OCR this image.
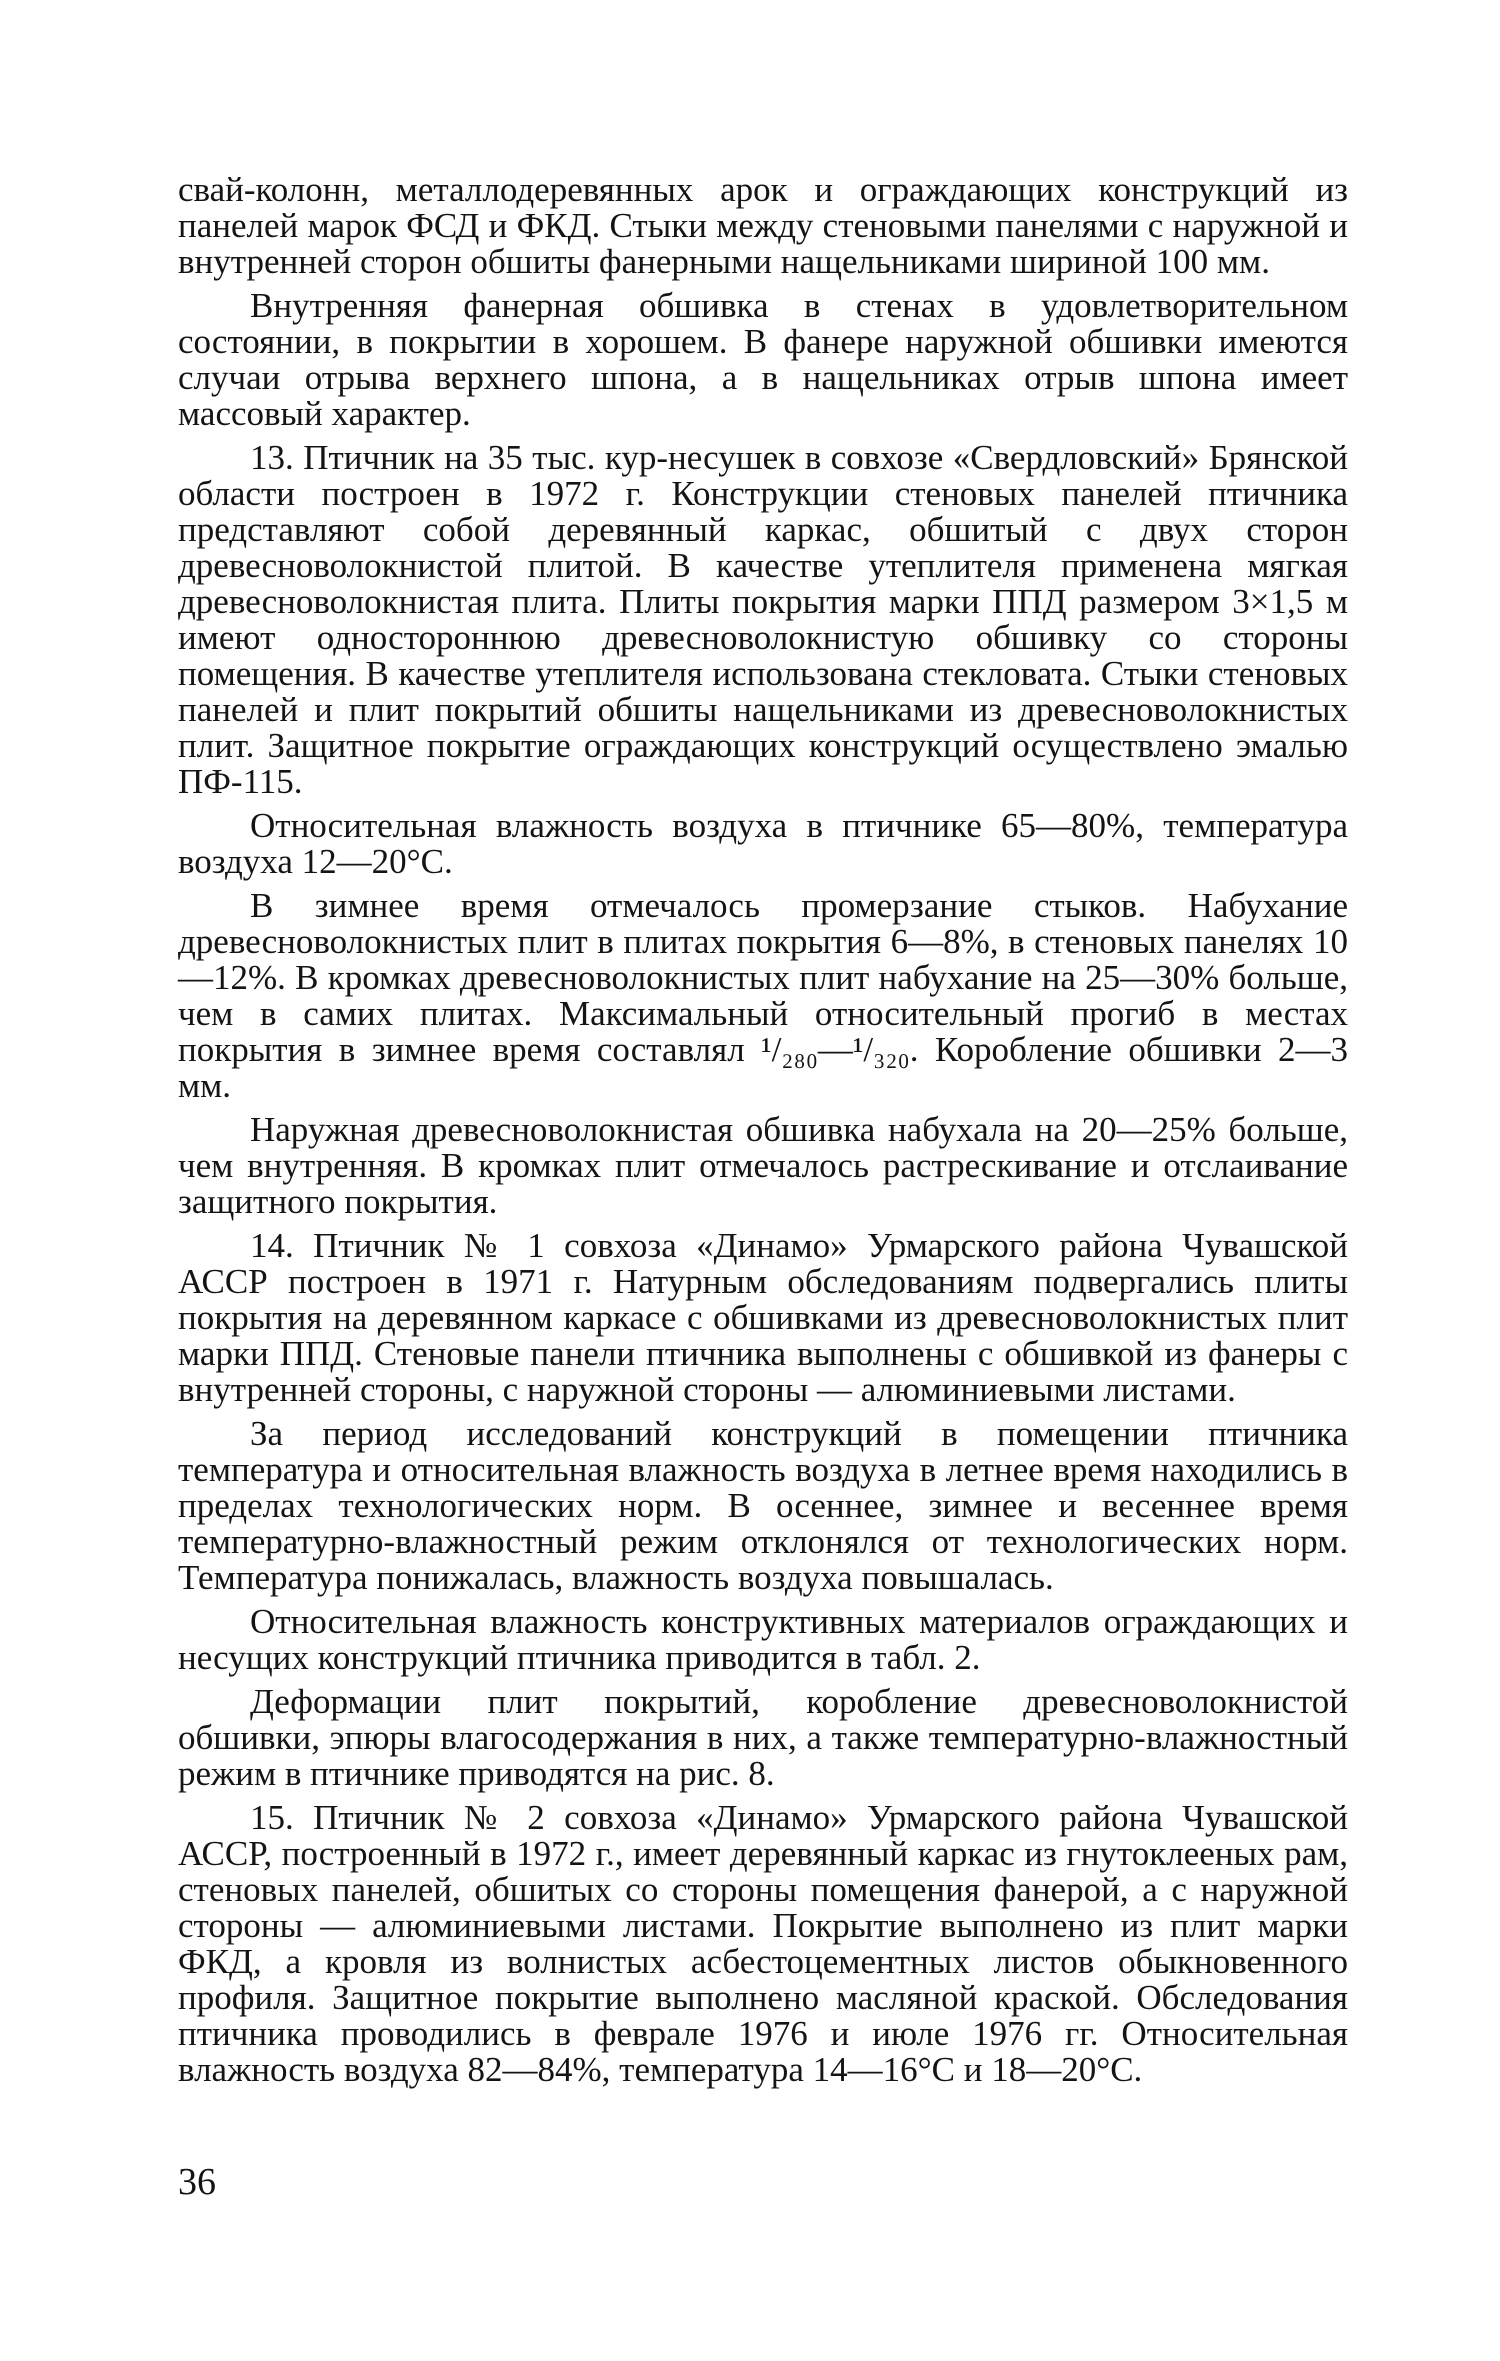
свай-колонн, металлодеревянных арок и ограждающих конструкций из панелей марок ФСД и ФКД. Стыки между стеновыми панелями с наружной и внутренней сторон обшиты фанерными нащельниками шириной 100 мм.

Внутренняя фанерная обшивка в стенах в удовлетворительном состоянии, в покрытии в хорошем. В фанере наружной обшивки имеются случаи отрыва верхнего шпона, а в нащельниках отрыв шпона имеет массовый характер.

13. Птичник на 35 тыс. кур-несушек в совхозе «Свердловский» Брянской области построен в 1972 г. Конструкции стеновых панелей птичника представляют собой деревянный каркас, обшитый с двух сторон древесноволокнистой плитой. В качестве утеплителя применена мягкая древесноволокнистая плита. Плиты покрытия марки ППД размером 3×1,5 м имеют одностороннюю древесноволокнистую обшивку со стороны помещения. В качестве утеплителя использована стекловата. Стыки стеновых панелей и плит покрытий обшиты нащельниками из древесноволокнистых плит. Защитное покрытие ограждающих конструкций осуществлено эмалью ПФ-115.

Относительная влажность воздуха в птичнике 65—80%, температура воздуха 12—20°С.

В зимнее время отмечалось промерзание стыков. Набухание древесноволокнистых плит в плитах покрытия 6—8%, в стеновых панелях 10—12%. В кромках древесноволокнистых плит набухание на 25—30% больше, чем в самих плитах. Максимальный относительный прогиб в местах покрытия в зимнее время составлял ¹/₂₈₀—¹/₃₂₀. Коробление обшивки 2—3 мм.

Наружная древесноволокнистая обшивка набухала на 20—25% больше, чем внутренняя. В кромках плит отмечалось растрескивание и отслаивание защитного покрытия.

14. Птичник № 1 совхоза «Динамо» Урмарского района Чувашской АССР построен в 1971 г. Натурным обследованиям подвергались плиты покрытия на деревянном каркасе с обшивками из древесноволокнистых плит марки ППД. Стеновые панели птичника выполнены с обшивкой из фанеры с внутренней стороны, с наружной стороны — алюминиевыми листами.

За период исследований конструкций в помещении птичника температура и относительная влажность воздуха в летнее время находились в пределах технологических норм. В осеннее, зимнее и весеннее время температурно-влажностный режим отклонялся от технологических норм. Температура понижалась, влажность воздуха повышалась.

Относительная влажность конструктивных материалов ограждающих и несущих конструкций птичника приводится в табл. 2.

Деформации плит покрытий, коробление древесноволокнистой обшивки, эпюры влагосодержания в них, а также температурно-влажностный режим в птичнике приводятся на рис. 8.

15. Птичник № 2 совхоза «Динамо» Урмарского района Чувашской АССР, построенный в 1972 г., имеет деревянный каркас из гнутоклееных рам, стеновых панелей, обшитых со стороны помещения фанерой, а с наружной стороны — алюминиевыми листами. Покрытие выполнено из плит марки ФКД, а кровля из волнистых асбестоцементных листов обыкновенного профиля. Защитное покрытие выполнено масляной краской. Обследования птичника проводились в феврале 1976 и июле 1976 гг. Относительная влажность воздуха 82—84%, температура 14—16°С и 18—20°С.

36
